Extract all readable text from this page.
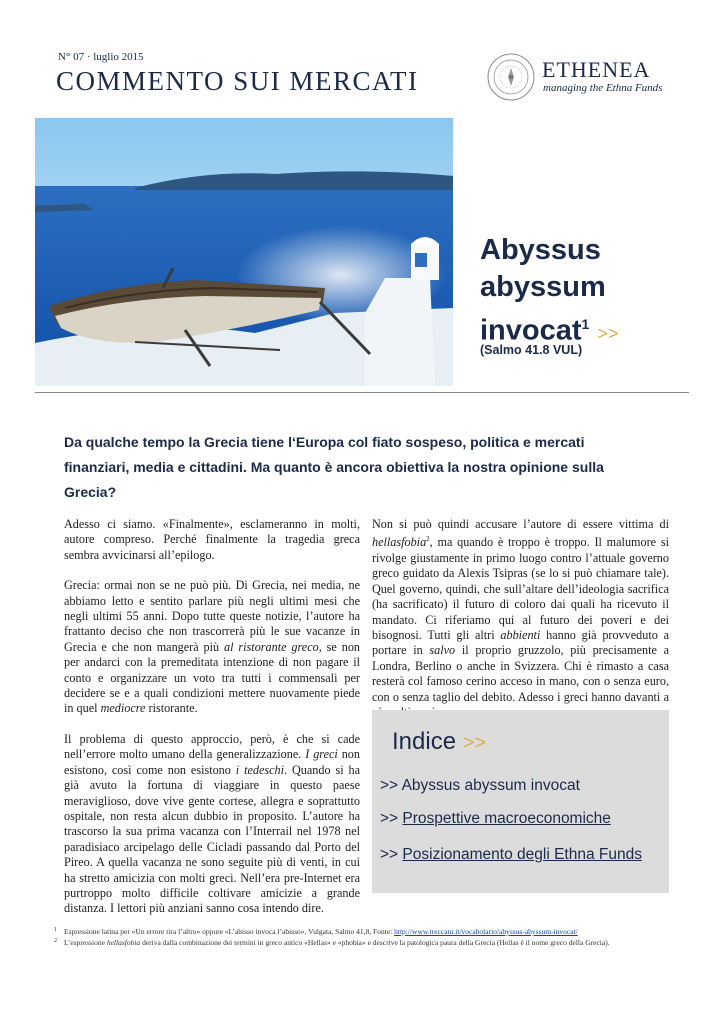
N° 07 · luglio 2015
COMMENTO SUI MERCATI	ETHENEA
managing the Ethna Funds
Abyssus
abyssum
invocat$^1$ >>
(Salmo 41.8 VUL)
Da qualche tempo la Grecia tiene l‘Europa col fiato sospeso, politica e mercati finanziari, media e cittadini. Ma quanto è ancora obiettiva la nostra opinione sulla Grecia?

Adesso ci siamo. «Finalmente», esclameranno in molti, autore compreso. Perché finalmente la tragedia greca sembra avvicinarsi all’epilogo.

Grecia: ormai non se ne può più. Di Grecia, nei media, ne abbiamo letto e sentito parlare più negli ultimi mesi che negli ultimi 55 anni. Dopo tutte queste notizie, l’autore ha frattanto deciso che non trascorrerà più le sue vacanze in Grecia e che non mangerà più al ristorante greco, se non per andarci con la premeditata intenzione di non pagare il conto e organizzare un voto tra tutti i commensali per decidere se e a quali condizioni mettere nuovamente piede in quel mediocre ristorante.

Il problema di questo approccio, però, è che si cade nell’errore molto umano della generalizzazione. I greci non esistono, così come non esistono i tedeschi. Quando si ha già avuto la fortuna di viaggiare in questo paese meraviglioso, dove vive gente cortese, allegra e soprattutto ospitale, non resta alcun dubbio in proposito. L’autore ha trascorso la sua prima vacanza con l’Interrail nel 1978 nel paradisiaco arcipelago delle Cicladi passando dal Porto del Pireo. A quella vacanza ne sono seguite più di venti, in cui ha stretto amicizia con molti greci. Nell’era pre-Internet era purtroppo molto difficile coltivare amicizie a grande distanza. I lettori più anziani sanno cosa intendo dire.

Non si può quindi accusare l’autore di essere vittima di hellasfobia$^2$, ma quando è troppo è troppo. Il malumore si rivolge giustamente in primo luogo contro l’attuale governo greco guidato da Alexis Tsipras (se lo si può chiamare tale). Quel governo, quindi, che sull’altare dell’ideologia sacrifica (ha sacrificato) il futuro di coloro dai quali ha ricevuto il mandato. Ci riferiamo qui al futuro dei poveri e dei bisognosi. Tutti gli altri abbienti hanno già provveduto a portare in salvo il proprio gruzzolo, più precisamente a Londra, Berlino o anche in Svizzera. Chi è rimasto a casa resterà col famoso cerino acceso in mano, con o senza euro, con o senza taglio del debito. Adesso i greci hanno davanti a

Indice >>
>> Abyssus abyssum invocat
>> Prospettive macroeconomiche
>> Posizionamento degli Ethna Funds
1 Espressione latina per «Un errore tira l’altro» oppure «L’abisso invoca l’abisso», Vulgata, Salmo 41,8, Fonte: http://www.treccani.it/vocabolario/abyssus-abyssum-invocat/
2 L’espressione hellasfobia deriva dalla combinazione dei termini in greco antico «Hellas» e «phobia» e descrive la patologica paura della Grecia (Hellas è il nome greco della Grecia).
